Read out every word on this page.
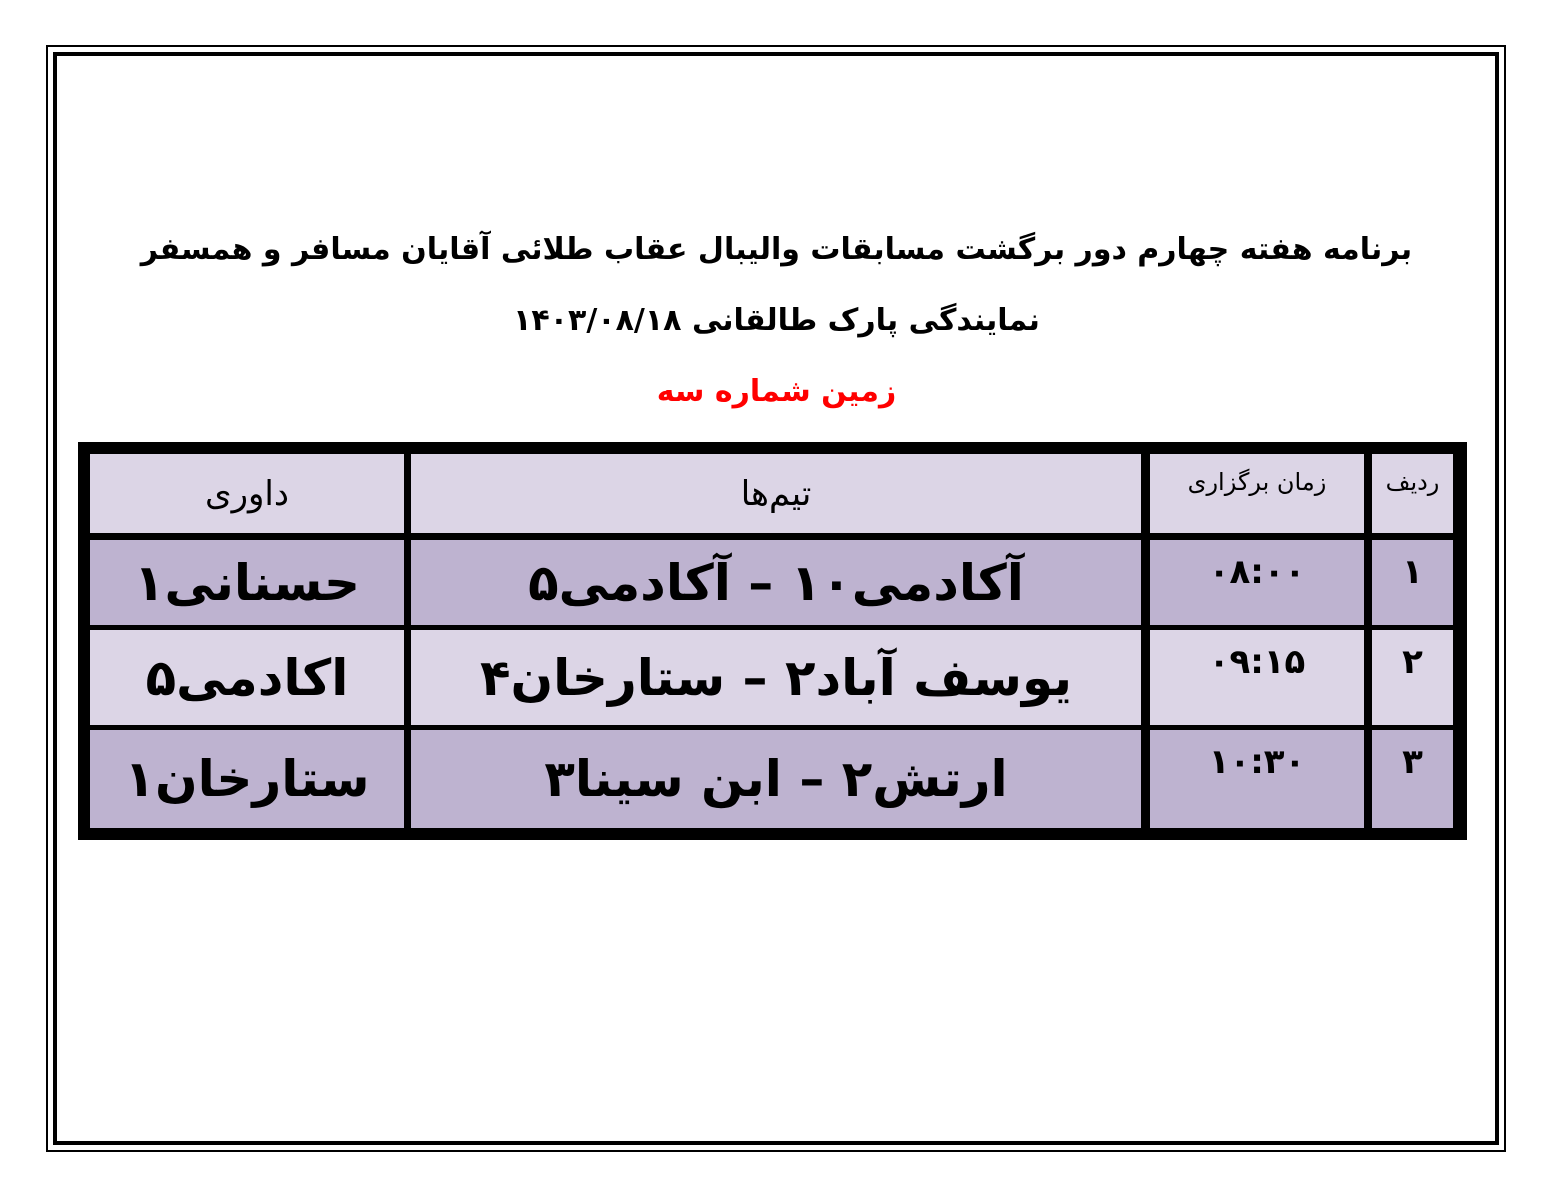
برنامه هفته چهارم دور برگشت مسابقات والیبال عقاب طلائی آقایان مسافر و همسفر
نمایندگی پارک طالقانی ۱۴۰۳/۰۸/۱۸
زمین شماره سه
ردیف
زمان برگزاری
تیم‌ها
داوری
۱
۰۸:۰۰
آکادمی۱۰ – آکادمی۵
حسنانی۱
۲
۰۹:۱۵
یوسف آباد۲ – ستارخان۴
اکادمی۵
۳
۱۰:۳۰
ارتش۲ – ابن سینا۳
ستارخان۱
